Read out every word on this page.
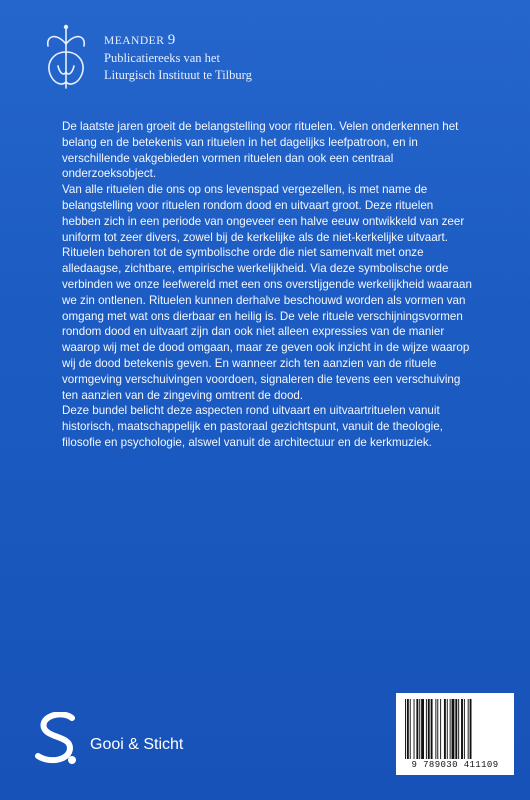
MEANDER 9
Publicatiereeks van het
Liturgisch Instituut te Tilburg

De laatste jaren groeit de belangstelling voor rituelen. Velen onderkennen het belang en de betekenis van rituelen in het dagelijks leefpatroon, en in verschillende vakgebieden vormen rituelen dan ook een centraal onderzoeksobject.

Van alle rituelen die ons op ons levenspad vergezellen, is met name de belangstelling voor rituelen rondom dood en uitvaart groot. Deze rituelen hebben zich in een periode van ongeveer een halve eeuw ontwikkeld van zeer uniform tot zeer divers, zowel bij de kerkelijke als de niet-kerkelijke uitvaart. Rituelen behoren tot de symbolische orde die niet samenvalt met onze alledaagse, zichtbare, empirische werkelijkheid. Via deze symbolische orde verbinden we onze leefwereld met een ons overstijgende werkelijkheid waaraan we zin ontlenen. Rituelen kunnen derhalve beschouwd worden als vormen van omgang met wat ons dierbaar en heilig is. De vele rituele verschijningsvormen rondom dood en uitvaart zijn dan ook niet alleen expressies van de manier waarop wij met de dood omgaan, maar ze geven ook inzicht in de wijze waarop wij de dood betekenis geven. En wanneer zich ten aanzien van de rituele vormgeving verschuivingen voordoen, signaleren die tevens een verschuiving ten aanzien van de zingeving omtrent de dood.

Deze bundel belicht deze aspecten rond uitvaart en uitvaartrituelen vanuit historisch, maatschappelijk en pastoraal gezichtspunt, vanuit de theologie, filosofie en psychologie, alswel vanuit de architectuur en de kerkmuziek.

Gooi & Sticht
9 789030 411109
